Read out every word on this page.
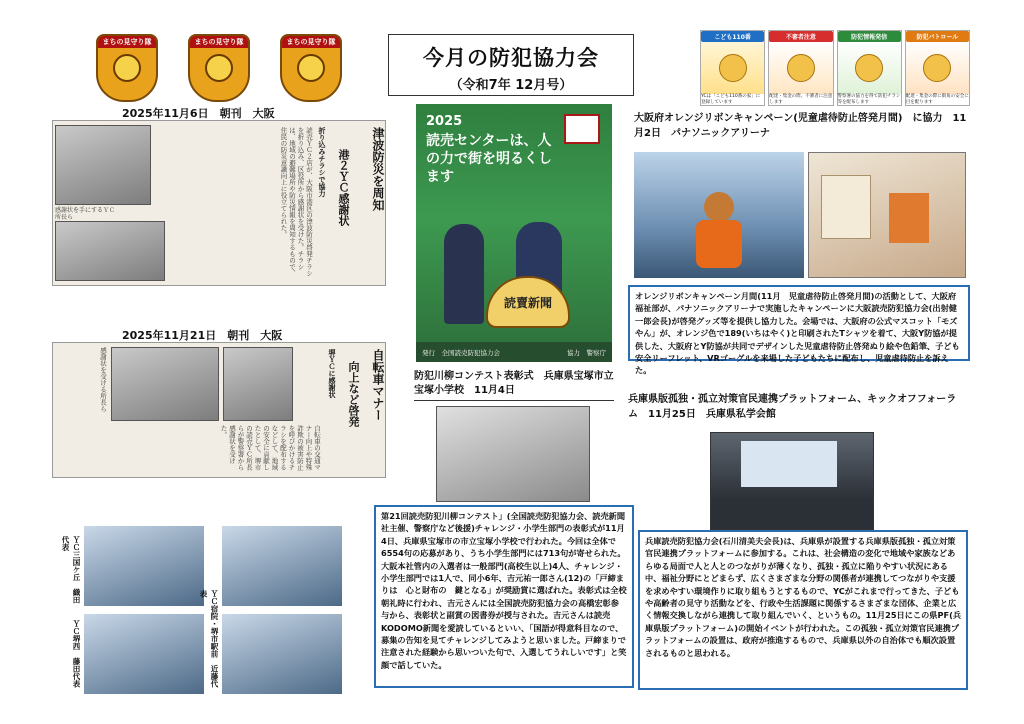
まちの見守り隊	まちの見守り隊	まちの見守り隊
今月の防犯協力会
（令和7年 12月号）
こども110番
YCは「こども110番の家」に登録しています
不審者注意
配達・集金の際、不審者に注意します
防犯情報発信
警察署の協力を得て防犯チラシ等を配布します
防犯パトロール
配達・集金の際に街角の安全に目を配ります
2025年11月6日　朝刊　大阪
感謝状を手にするＹＣ所長ら
津波防災を周知
港２ＹＣ感謝状
折り込みチラシで協力
読売ＹＣ２店が、大阪市港区の津波防災啓発チラシを折り込み、区役所から感謝状を受けた。チラシは、地域の避難場所や防災情報を周知するもので、住民の防災意識向上に役立てられた。
2025年11月21日　朝刊　大阪
感謝状を受ける所長ら	自転車マナー
向上など啓発
堺ＹＣに感謝状
自転車の交通マナー向上や特殊詐欺の被害防止を呼びかけるチラシを配布するなどして、地域の安全に貢献したとして、堺市の読売ＹＣ所長らが警察署から感謝状を受けた。
ＹＣ三国ケ丘　織田代表
ＹＣ堺西　藤田代表	ＹＣ宿院・堺市駅前　近藤代表
2025
読売センターは、人の力で街を明るくします
読賣新聞
発行　全国読売防犯協力会	協力　警察庁
防犯川柳コンテスト表彰式　兵庫県宝塚市立宝塚小学校　11月4日
第21回読売防犯川柳コンテスト」(全国読売防犯協力会、読売新聞社主催、警察庁など後援)チャレンジ・小学生部門の表彰式が11月4日、兵庫県宝塚市の市立宝塚小学校で行われた。今回は全体で6554句の応募があり、うち小学生部門には713句が寄せられた。大阪本社管内の入選者は一般部門(高校生以上)4人、チャレンジ・小学生部門では1人で、同小6年、吉元祐一郎さん(12)の「戸締まりは　心と財布の　鍵となる」が奨励賞に選ばれた。表彰式は全校朝礼時に行われ、吉元さんには全国読売防犯協力会の高橋宏彰参与から、表彰状と副賞の図書券が授与された。吉元さんは読売KODOMO新聞を愛読しているといい、「国語が得意科目なので、募集の告知を見てチャレンジしてみようと思いました。戸締まりで注意された経験から思いついた句で、入選してうれしいです」と笑顔で話していた。
大阪府オレンジリボンキャンペーン(児童虐待防止啓発月間)　に協力　11月2日　パナソニックアリーナ
オレンジリボンキャンペーン月間(11月　児童虐待防止啓発月間)の活動として、大阪府福祉部が、パナソニックアリーナで実施したキャンペーンに大阪読売防犯協力会(出射健一郎会長)が啓発グッズ等を提供し協力した。会場では、大阪府の公式マスコット「モズやん」が、オレンジ色で189(いちはやく)と印刷されたTシャツを着て、大阪Y防協が提供した、大阪府とY防協が共同でデザインした児童虐待防止啓発ぬり絵や色鉛筆、子ども安全リーフレット、VRゴーグルを来場した子どもたちに配布し、児童虐待防止を訴えた。
兵庫県版孤独・孤立対策官民連携プラットフォーム、キックオフフォーラム　11月25日　兵庫県私学会館
兵庫読売防犯協力会(石川清美夫会長)は、兵庫県が設置する兵庫県版孤独・孤立対策官民連携プラットフォームに参加する。これは、社会構造の変化で地域や家族などあらゆる局面で人と人とのつながりが薄くなり、孤独・孤立に陥りやすい状況にある中、福祉分野にとどまらず、広くさまざまな分野の関係者が連携してつながりや支援を求めやすい環境作りに取り組もうとするもので、YCがこれまで行ってきた、子どもや高齢者の見守り活動などを、行政や生活課題に関係するさまざまな団体、企業と広く情報交換しながら連携して取り組んでいく、というもの。11月25日にこの県PF(兵庫県版プラットフォーム)の開始イベントが行われた。この孤独・孤立対策官民連携プラットフォームの設置は、政府が推進するもので、兵庫県以外の自治体でも順次設置されるものと思われる。
